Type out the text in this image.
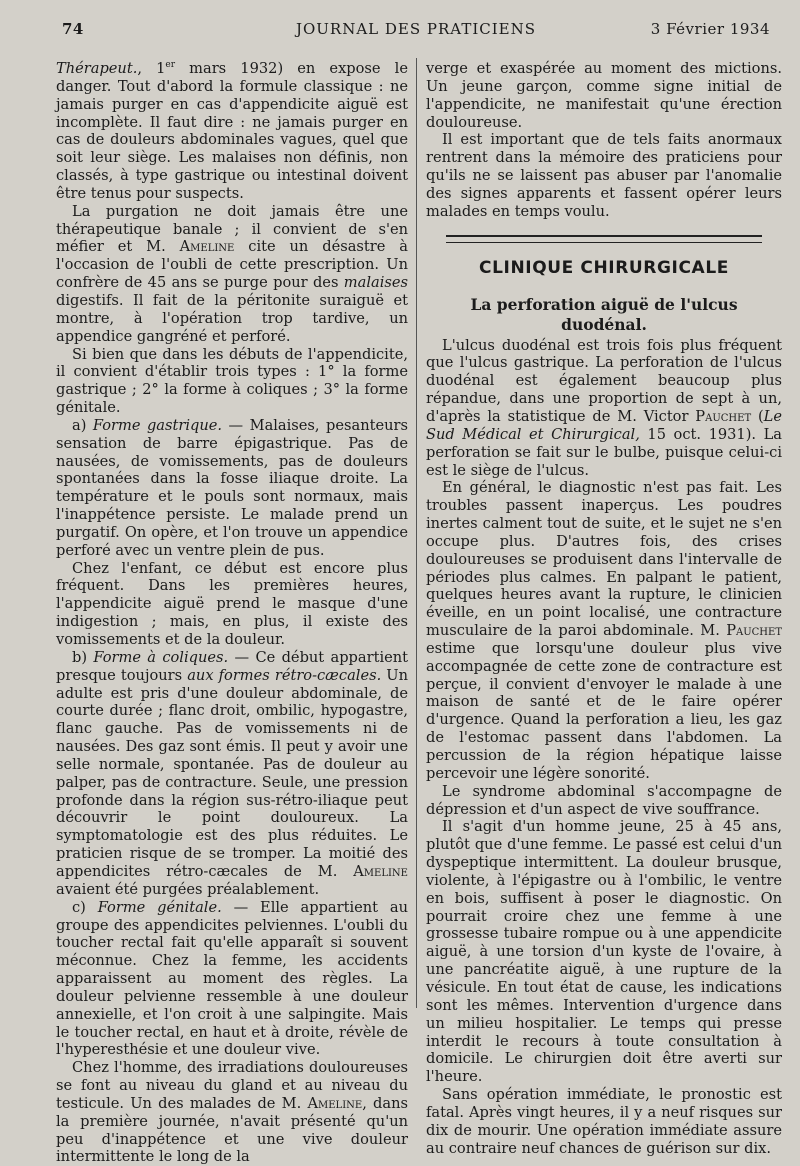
74	JOURNAL DES PRATICIENS	3 Février 1934

Thérapeut., 1er mars 1932) en expose le danger. Tout d'abord la formule classique : ne jamais purger en cas d'appendicite aiguë est incomplète. Il faut dire : ne jamais purger en cas de douleurs abdominales vagues, quel que soit leur siège. Les malaises non définis, non classés, à type gastrique ou intestinal doivent être tenus pour suspects.

La purgation ne doit jamais être une thérapeutique banale ; il convient de s'en méfier et M. Ameline cite un désastre à l'occasion de l'oubli de cette prescription. Un confrère de 45 ans se purge pour des malaises digestifs. Il fait de la péritonite suraiguë et montre, à l'opération trop tardive, un appendice gangréné et perforé.

Si bien que dans les débuts de l'appendicite, il convient d'établir trois types : 1° la forme gastrique ; 2° la forme à coliques ; 3° la forme génitale.

a) Forme gastrique. — Malaises, pesanteurs sensation de barre épigastrique. Pas de nausées, de vomissements, pas de douleurs spontanées dans la fosse iliaque droite. La température et le pouls sont normaux, mais l'inappétence persiste. Le malade prend un purgatif. On opère, et l'on trouve un appendice perforé avec un ventre plein de pus.

Chez l'enfant, ce début est encore plus fréquent. Dans les premières heures, l'appendicite aiguë prend le masque d'une indigestion ; mais, en plus, il existe des vomissements et de la douleur.

b) Forme à coliques. — Ce début appartient presque toujours aux formes rétro-cæcales. Un adulte est pris d'une douleur abdominale, de courte durée ; flanc droit, ombilic, hypogastre, flanc gauche. Pas de vomissements ni de nausées. Des gaz sont émis. Il peut y avoir une selle normale, spontanée. Pas de douleur au palper, pas de contracture. Seule, une pression profonde dans la région sus-rétro-iliaque peut découvrir le point douloureux. La symptomatologie est des plus réduites. Le praticien risque de se tromper. La moitié des appendicites rétro-cæcales de M. Ameline avaient été purgées préalablement.

c) Forme génitale. — Elle appartient au groupe des appendicites pelviennes. L'oubli du toucher rectal fait qu'elle apparaît si souvent méconnue. Chez la femme, les accidents apparaissent au moment des règles. La douleur pelvienne ressemble à une douleur annexielle, et l'on croit à une salpingite. Mais le toucher rectal, en haut et à droite, révèle de l'hyperesthésie et une douleur vive.

Chez l'homme, des irradiations douloureuses se font au niveau du gland et au niveau du testicule. Un des malades de M. Ameline, dans la première journée, n'avait présenté qu'un peu d'inappétence et une vive douleur intermittente le long de la

verge et exaspérée au moment des mictions. Un jeune garçon, comme signe initial de l'appendicite, ne manifestait qu'une érection douloureuse.

Il est important que de tels faits anormaux rentrent dans la mémoire des praticiens pour qu'ils ne se laissent pas abuser par l'anomalie des signes apparents et fassent opérer leurs malades en temps voulu.

CLINIQUE CHIRURGICALE
La perforation aiguë de l'ulcus duodénal.

L'ulcus duodénal est trois fois plus fréquent que l'ulcus gastrique. La perforation de l'ulcus duodénal est également beaucoup plus répandue, dans une proportion de sept à un, d'après la statistique de M. Victor Pauchet (Le Sud Médical et Chirurgical, 15 oct. 1931). La perforation se fait sur le bulbe, puisque celui-ci est le siège de l'ulcus.

En général, le diagnostic n'est pas fait. Les troubles passent inaperçus. Les poudres inertes calment tout de suite, et le sujet ne s'en occupe plus. D'autres fois, des crises douloureuses se produisent dans l'intervalle de périodes plus calmes. En palpant le patient, quelques heures avant la rupture, le clinicien éveille, en un point localisé, une contracture musculaire de la paroi abdominale. M. Pauchet estime que lorsqu'une douleur plus vive accompagnée de cette zone de contracture est perçue, il convient d'envoyer le malade à une maison de santé et de le faire opérer d'urgence. Quand la perforation a lieu, les gaz de l'estomac passent dans l'abdomen. La percussion de la région hépatique laisse percevoir une légère sonorité.

Le syndrome abdominal s'accompagne de dépression et d'un aspect de vive souffrance.

Il s'agit d'un homme jeune, 25 à 45 ans, plutôt que d'une femme. Le passé est celui d'un dyspeptique intermittent. La douleur brusque, violente, à l'épigastre ou à l'ombilic, le ventre en bois, suffisent à poser le diagnostic. On pourrait croire chez une femme à une grossesse tubaire rompue ou à une appendicite aiguë, à une torsion d'un kyste de l'ovaire, à une pancréatite aiguë, à une rupture de la vésicule. En tout état de cause, les indications sont les mêmes. Intervention d'urgence dans un milieu hospitalier. Le temps qui presse interdit le recours à toute consultation à domicile. Le chirurgien doit être averti sur l'heure.

Sans opération immédiate, le pronostic est fatal. Après vingt heures, il y a neuf risques sur dix de mourir. Une opération immédiate assure au contraire neuf chances de guérison sur dix.
